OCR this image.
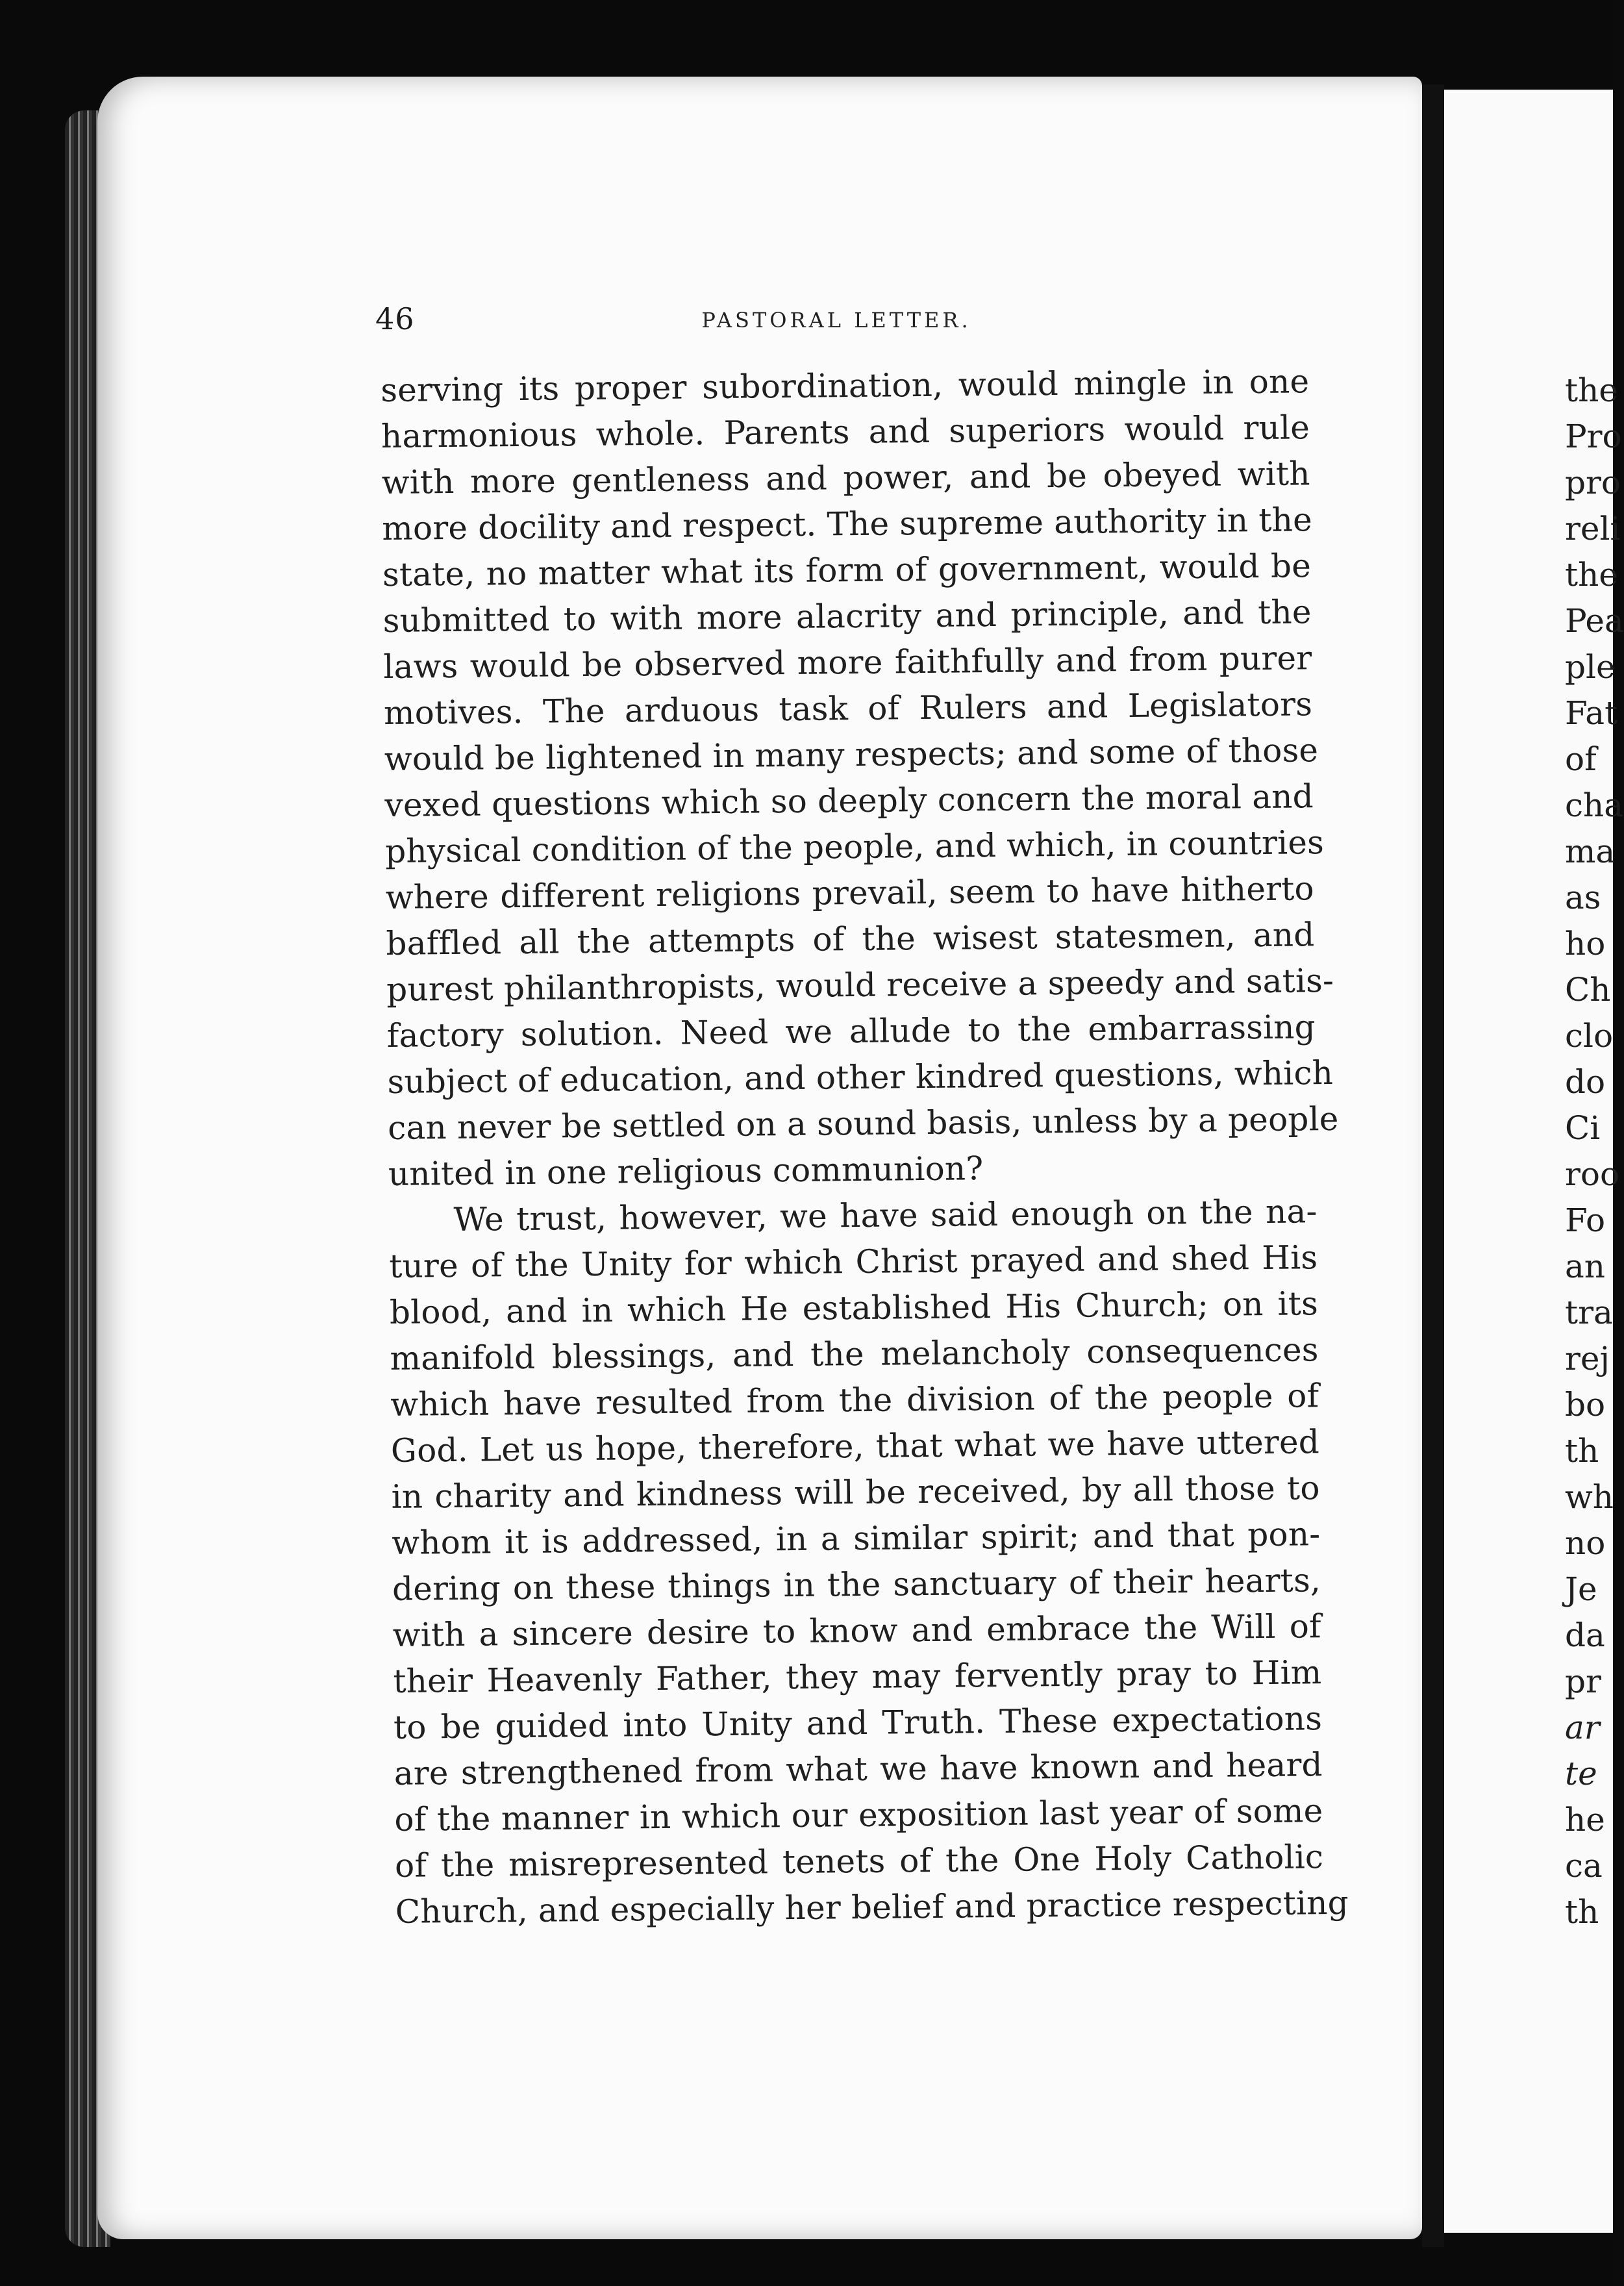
46	PASTORAL LETTER.
serving its proper subordination, would mingle in one
harmonious whole. Parents and superiors would rule
with more gentleness and power, and be obeyed with
more docility and respect. The supreme authority in the
state, no matter what its form of government, would be
submitted to with more alacrity and principle, and the
laws would be observed more faithfully and from purer
motives. The arduous task of Rulers and Legislators
would be lightened in many respects; and some of those
vexed questions which so deeply concern the moral and
physical condition of the people, and which, in countries
where different religions prevail, seem to have hitherto
baffled all the attempts of the wisest statesmen, and
purest philanthropists, would receive a speedy and satis-
factory solution. Need we allude to the embarrassing
subject of education, and other kindred questions, which
can never be settled on a sound basis, unless by a people
united in one religious communion?
We trust, however, we have said enough on the na-
ture of the Unity for which Christ prayed and shed His
blood, and in which He established His Church; on its
manifold blessings, and the melancholy consequences
which have resulted from the division of the people of
God. Let us hope, therefore, that what we have uttered
in charity and kindness will be received, by all those to
whom it is addressed, in a similar spirit; and that pon-
dering on these things in the sanctuary of their hearts,
with a sincere desire to know and embrace the Will of
their Heavenly Father, they may fervently pray to Him
to be guided into Unity and Truth. These expectations
are strengthened from what we have known and heard
of the manner in which our exposition last year of some
of the misrepresented tenets of the One Holy Catholic
Church, and especially her belief and practice respecting
the
Pro
pro
reli
the
Pea
ple
Fat
of
cha
ma
as
ho
Ch
clo
do
Ci
roo
Fo
an
tra
rej
bo
th
wh
no
Je
da
pr
ar
te
he
ca
th
